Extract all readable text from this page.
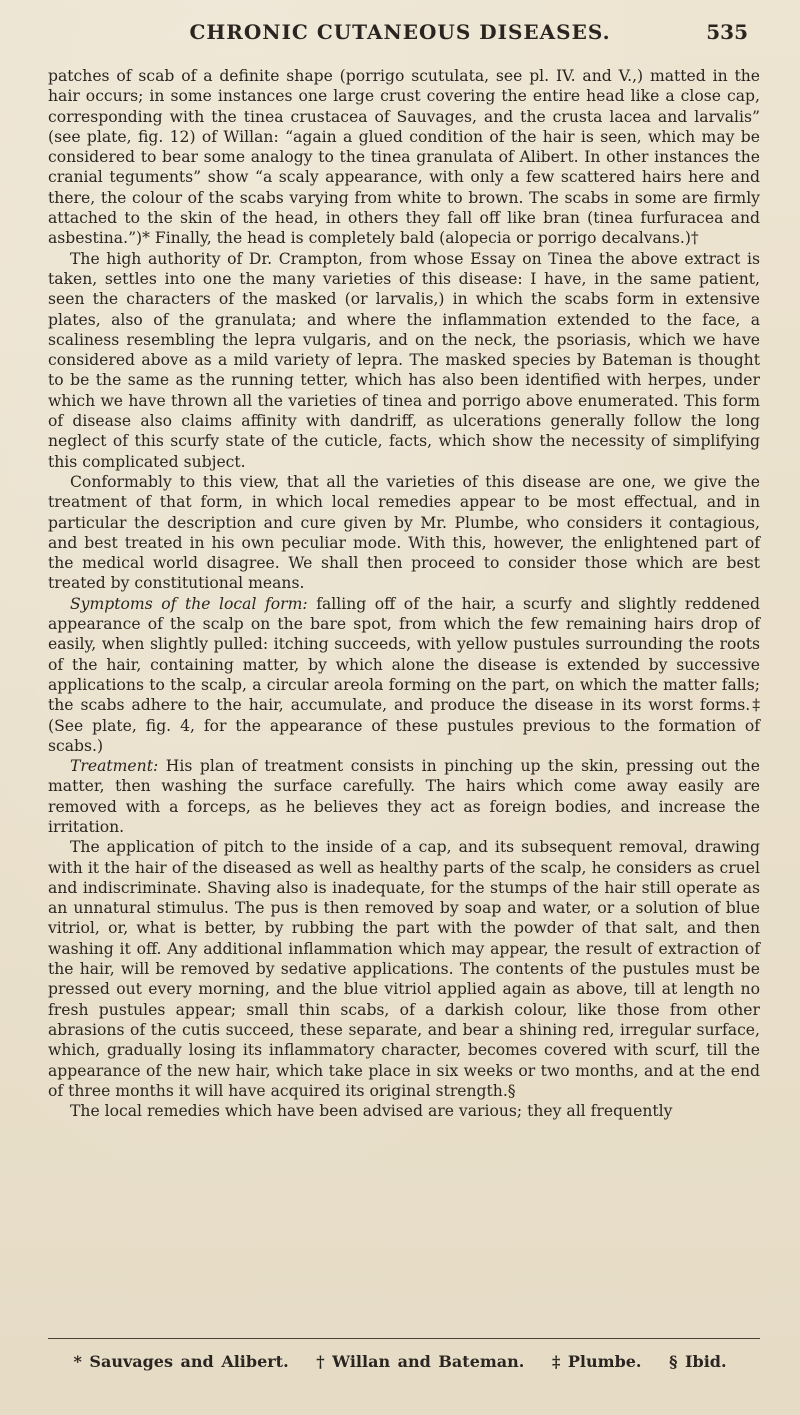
CHRONIC CUTANEOUS DISEASES.	535

patches of scab of a definite shape (porrigo scutulata, see pl. IV. and V.,) matted in the hair occurs; in some instances one large crust covering the entire head like a close cap, corresponding with the tinea crustacea of Sauvages, and the crusta lacea and larvalis” (see plate, fig. 12) of Willan: “again a glued condition of the hair is seen, which may be considered to bear some analogy to the tinea granulata of Alibert. In other instances the cranial teguments” show “a scaly appearance, with only a few scattered hairs here and there, the colour of the scabs varying from white to brown. The scabs in some are firmly attached to the skin of the head, in others they fall off like bran (tinea furfuracea and asbestina.”)* Finally, the head is completely bald (alopecia or porrigo decalvans.)†

The high authority of Dr. Crampton, from whose Essay on Tinea the above extract is taken, settles into one the many varieties of this disease: I have, in the same patient, seen the characters of the masked (or larvalis,) in which the scabs form in extensive plates, also of the granulata; and where the inflammation extended to the face, a scaliness resembling the lepra vulgaris, and on the neck, the psoriasis, which we have considered above as a mild variety of lepra. The masked species by Bateman is thought to be the same as the running tetter, which has also been identified with herpes, under which we have thrown all the varieties of tinea and porrigo above enumerated. This form of disease also claims affinity with dandriff, as ulcerations generally follow the long neglect of this scurfy state of the cuticle, facts, which show the necessity of simplifying this complicated subject.

Conformably to this view, that all the varieties of this disease are one, we give the treatment of that form, in which local remedies appear to be most effectual, and in particular the description and cure given by Mr. Plumbe, who considers it contagious, and best treated in his own peculiar mode. With this, however, the enlightened part of the medical world disagree. We shall then proceed to consider those which are best treated by constitutional means.

Symptoms of the local form: falling off of the hair, a scurfy and slightly reddened appearance of the scalp on the bare spot, from which the few remaining hairs drop of easily, when slightly pulled: itching succeeds, with yellow pustules surrounding the roots of the hair, containing matter, by which alone the disease is extended by successive applications to the scalp, a circular areola forming on the part, on which the matter falls; the scabs adhere to the hair, accumulate, and produce the disease in its worst forms.‡ (See plate, fig. 4, for the appearance of these pustules previous to the formation of scabs.)

Treatment: His plan of treatment consists in pinching up the skin, pressing out the matter, then washing the surface carefully. The hairs which come away easily are removed with a forceps, as he believes they act as foreign bodies, and increase the irritation.

The application of pitch to the inside of a cap, and its subsequent removal, drawing with it the hair of the diseased as well as healthy parts of the scalp, he considers as cruel and indiscriminate. Shaving also is inadequate, for the stumps of the hair still operate as an unnatural stimulus. The pus is then removed by soap and water, or a solution of blue vitriol, or, what is better, by rubbing the part with the powder of that salt, and then washing it off. Any additional inflammation which may appear, the result of extraction of the hair, will be removed by sedative applications. The contents of the pustules must be pressed out every morning, and the blue vitriol applied again as above, till at length no fresh pustules appear; small thin scabs, of a darkish colour, like those from other abrasions of the cutis succeed, these separate, and bear a shining red, irregular surface, which, gradually losing its inflammatory character, becomes covered with scurf, till the appearance of the new hair, which take place in six weeks or two months, and at the end of three months it will have acquired its original strength.§

The local remedies which have been advised are various; they all frequently

* Sauvages and Alibert. † Willan and Bateman. ‡ Plumbe. § Ibid.
